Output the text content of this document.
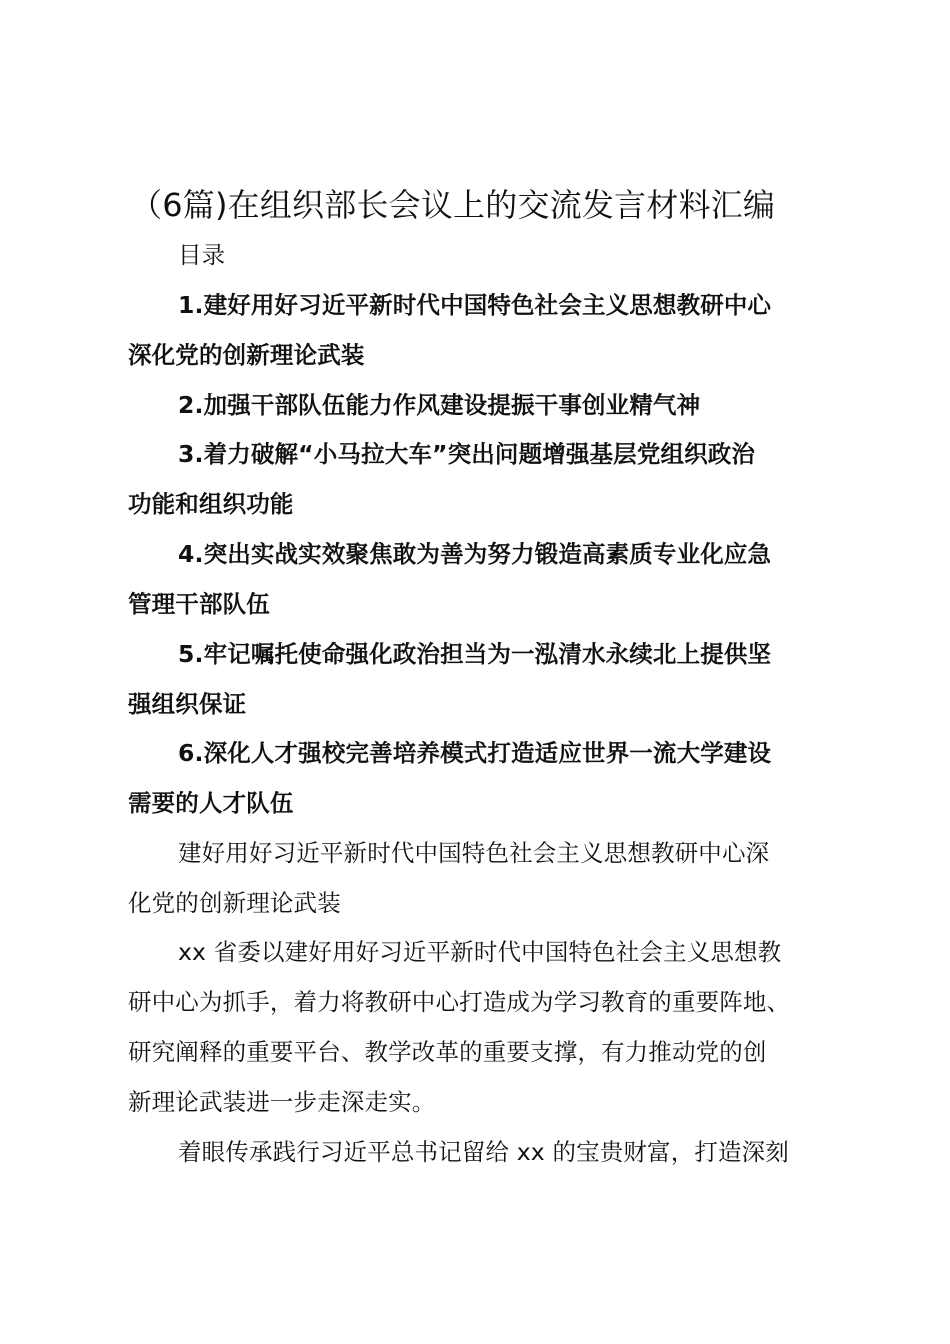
（6篇)在组织部长会议上的交流发言材料汇编
目录
1.建好用好习近平新时代中国特色社会主义思想教研中心
深化党的创新理论武装
2.加强干部队伍能力作风建设提振干事创业精气神
3.着力破解“小马拉大车”突出问题增强基层党组织政治
功能和组织功能
4.突出实战实效聚焦敢为善为努力锻造高素质专业化应急
管理干部队伍
5.牢记嘱托使命强化政治担当为一泓清水永续北上提供坚
强组织保证
6.深化人才强校完善培养模式打造适应世界一流大学建设
需要的人才队伍
建好用好习近平新时代中国特色社会主义思想教研中心深
化党的创新理论武装
xx 省委以建好用好习近平新时代中国特色社会主义思想教
研中心为抓手，着力将教研中心打造成为学习教育的重要阵地、
研究阐释的重要平台、教学改革的重要支撑，有力推动党的创
新理论武装进一步走深走实。
着眼传承践行习近平总书记留给 xx 的宝贵财富，打造深刻
